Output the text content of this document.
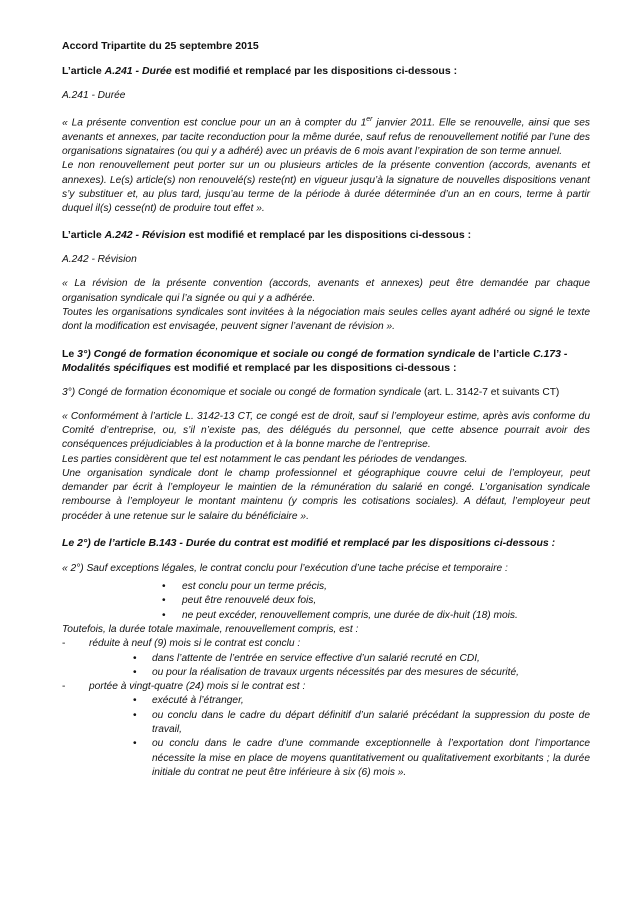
Accord Tripartite du 25 septembre 2015
L’article A.241 - Durée est modifié et remplacé par les dispositions ci-dessous :
A.241 - Durée
« La présente convention est conclue pour un an à compter du 1er janvier 2011. Elle se renouvelle, ainsi que ses avenants et annexes, par tacite reconduction pour la même durée, sauf refus de renouvellement notifié par l’une des organisations signataires (ou qui y a adhéré) avec un préavis de 6 mois avant l’expiration de son terme annuel.
Le non renouvellement peut porter sur un ou plusieurs articles de la présente convention (accords, avenants et annexes). Le(s) article(s) non renouvelé(s) reste(nt) en vigueur jusqu’à la signature de nouvelles dispositions venant s’y substituer et, au plus tard, jusqu’au terme de la période à durée déterminée d’un an en cours, terme à partir duquel il(s) cesse(nt) de produire tout effet ».
L’article A.242 - Révision est modifié et remplacé par les dispositions ci-dessous :
A.242 - Révision
« La révision de la présente convention (accords, avenants et annexes) peut être demandée par chaque organisation syndicale qui l’a signée ou qui y a adhérée.
Toutes les organisations syndicales sont invitées à la négociation mais seules celles ayant adhéré ou signé le texte dont la modification est envisagée, peuvent signer l’avenant de révision ».
Le 3°) Congé de formation économique et sociale ou congé de formation syndicale de l’article C.173 - Modalités spécifiques est modifié et remplacé par les dispositions ci-dessous :
3°) Congé de formation économique et sociale ou congé de formation syndicale (art. L. 3142-7 et suivants CT)
« Conformément à l’article L. 3142-13 CT, ce congé est de droit, sauf si l’employeur estime, après avis conforme du Comité d’entreprise, ou, s’il n’existe pas, des délégués du personnel, que cette absence pourrait avoir des conséquences préjudiciables à la production et à la bonne marche de l’entreprise.
Les parties considèrent que tel est notamment le cas pendant les périodes de vendanges.
Une organisation syndicale dont le champ professionnel et géographique couvre celui de l’employeur, peut demander par écrit à l’employeur le maintien de la rémunération du salarié en congé. L’organisation syndicale rembourse à l’employeur le montant maintenu (y compris les cotisations sociales). A défaut, l’employeur peut procéder à une retenue sur le salaire du bénéficiaire ».
Le 2°) de l’article B.143 - Durée du contrat est modifié et remplacé par les dispositions ci-dessous :
« 2°) Sauf exceptions légales, le contrat conclu pour l’exécution d’une tache précise et temporaire :
• est conclu pour un terme précis,
• peut être renouvelé deux fois,
• ne peut excéder, renouvellement compris, une durée de dix-huit (18) mois.
Toutefois, la durée totale maximale, renouvellement compris, est :
- réduite à neuf (9) mois si le contrat est conclu :
• dans l’attente de l’entrée en service effective d’un salarié recruté en CDI,
• ou pour la réalisation de travaux urgents nécessités par des mesures de sécurité,
- portée à vingt-quatre (24) mois si le contrat est :
• exécuté à l’étranger,
• ou conclu dans le cadre du départ définitif d’un salarié précédant la suppression du poste de travail,
• ou conclu dans le cadre d’une commande exceptionnelle à l’exportation dont l’importance nécessite la mise en place de moyens quantitativement ou qualitativement exorbitants ; la durée initiale du contrat ne peut être inférieure à six (6) mois ».
